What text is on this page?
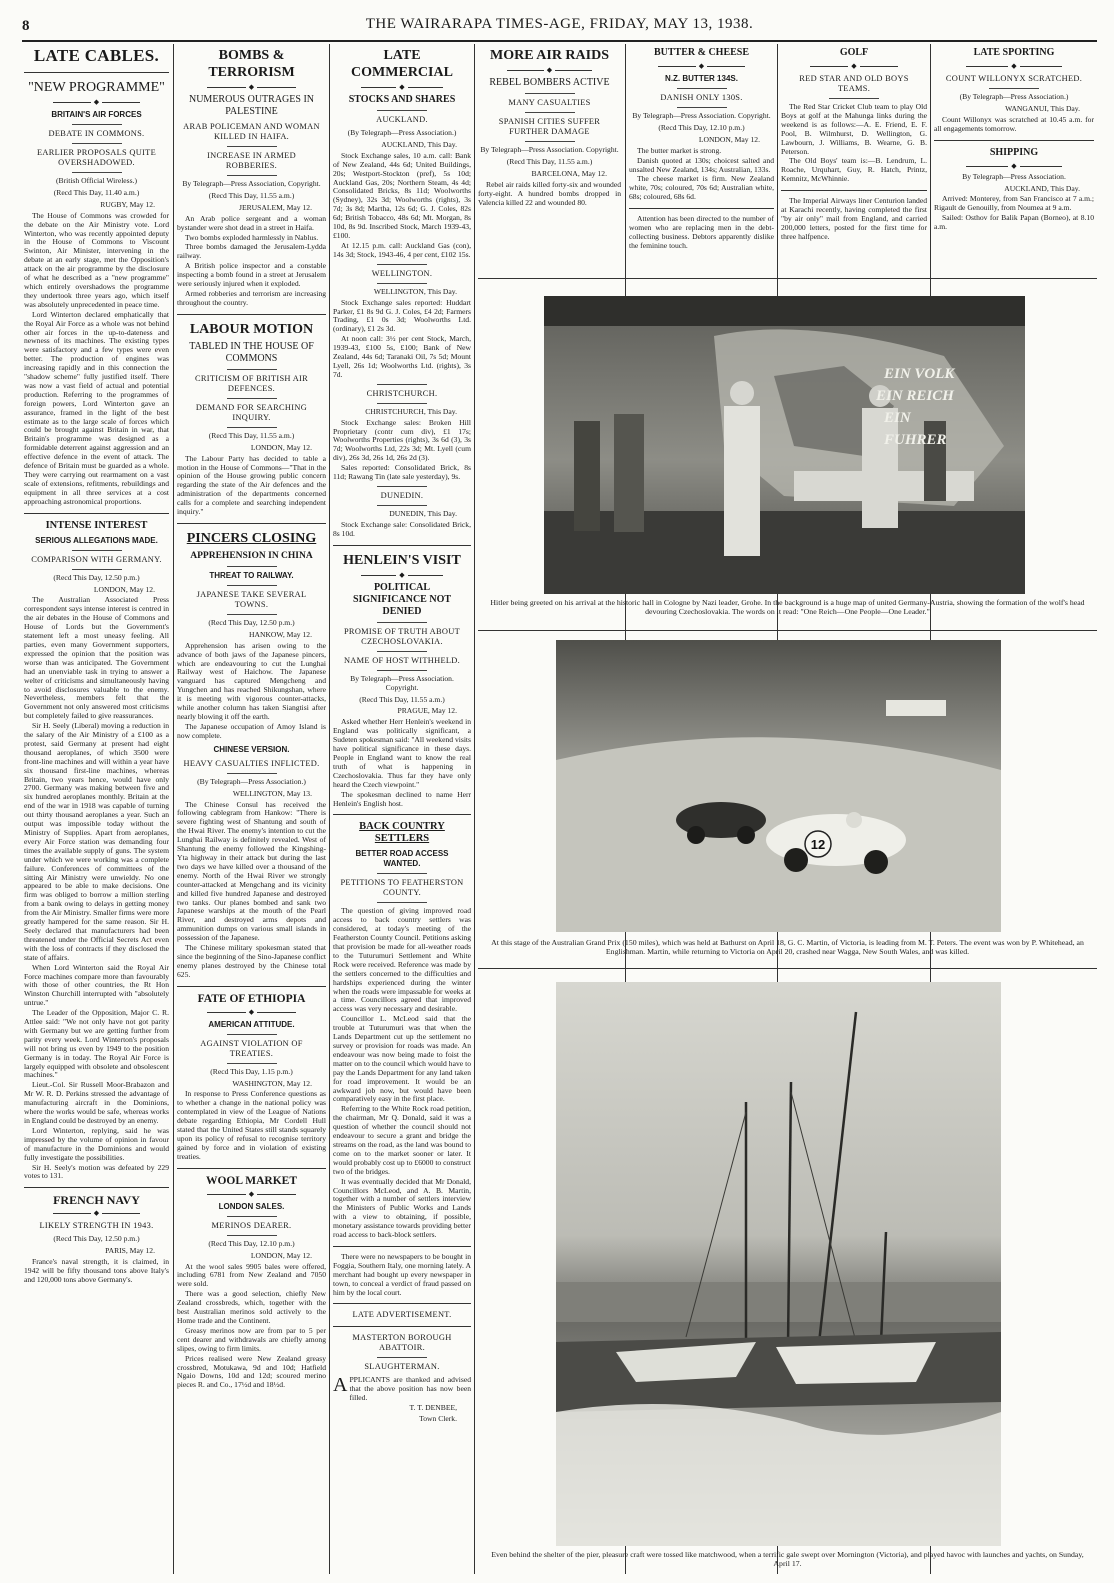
8	THE WAIRARAPA TIMES-AGE, FRIDAY, MAY 13, 1938.
LATE CABLES.
"NEW PROGRAMME"
◆
BRITAIN'S AIR FORCES
DEBATE IN COMMONS.
EARLIER PROPOSALS QUITE OVERSHADOWED.
(British Official Wireless.)
(Recd This Day, 11.40 a.m.)
RUGBY, May 12.

The House of Commons was crowded for the debate on the Air Ministry vote. Lord Winterton, who was recently appointed deputy in the House of Commons to Viscount Swinton, Air Minister, intervening in the debate at an early stage, met the Opposition's attack on the air programme by the disclosure of what he described as a "new programme" which entirely overshadows the programme they undertook three years ago, which itself was absolutely unprecedented in peace time.

Lord Winterton declared emphatically that the Royal Air Force as a whole was not behind other air forces in the up-to-dateness and newness of its machines. The existing types were satisfactory and a few types were even better. The production of engines was increasing rapidly and in this connection the "shadow scheme" fully justified itself. There was now a vast field of actual and potential production. Referring to the programmes of foreign powers, Lord Winterton gave an assurance, framed in the light of the best estimate as to the large scale of forces which could be brought against Britain in war, that Britain's programme was designed as a formidable deterrent against aggression and an effective defence in the event of attack. The defence of Britain must be guarded as a whole. They were carrying out rearmament on a vast scale of extensions, refitments, rebuildings and equipment in all three services at a cost approaching astronomical proportions.

INTENSE INTEREST
SERIOUS ALLEGATIONS MADE.
COMPARISON WITH GERMANY.
(Recd This Day, 12.50 p.m.)
LONDON, May 12.

The Australian Associated Press correspondent says intense interest is centred in the air debates in the House of Commons and House of Lords but the Government's statement left a most uneasy feeling. All parties, even many Government supporters, expressed the opinion that the position was worse than was anticipated. The Government had an unenviable task in trying to answer a welter of criticisms and simultaneously having to avoid disclosures valuable to the enemy. Nevertheless, members felt that the Government not only answered most criticisms but completely failed to give reassurances.

Sir H. Seely (Liberal) moving a reduction in the salary of the Air Ministry of a £100 as a protest, said Germany at present had eight thousand aeroplanes, of which 3500 were front-line machines and will within a year have six thousand first-line machines, whereas Britain, two years hence, would have only 2700. Germany was making between five and six hundred aeroplanes monthly. Britain at the end of the war in 1918 was capable of turning out thirty thousand aeroplanes a year. Such an output was impossible today without the Ministry of Supplies. Apart from aeroplanes, every Air Force station was demanding four times the available supply of guns. The system under which we were working was a complete failure. Conferences of committees of the sitting Air Ministry were unwieldy. No one appeared to be able to make decisions. One firm was obliged to borrow a million sterling from a bank owing to delays in getting money from the Air Ministry. Smaller firms were more greatly hampered for the same reason. Sir H. Seely declared that manufacturers had been threatened under the Official Secrets Act even with the loss of contracts if they disclosed the state of affairs.

When Lord Winterton said the Royal Air Force machines compare more than favourably with those of other countries, the Rt Hon Winston Churchill interrupted with "absolutely untrue."

The Leader of the Opposition, Major C. R. Attlee said: "We not only have not got parity with Germany but we are getting further from parity every week. Lord Winterton's proposals will not bring us even by 1949 to the position Germany is in today. The Royal Air Force is largely equipped with obsolete and obsolescent machines."

Lieut.-Col. Sir Russell Moor-Brabazon and Mr W. R. D. Perkins stressed the advantage of manufacturing aircraft in the Dominions, where the works would be safe, whereas works in England could be destroyed by an enemy.

Lord Winterton, replying, said he was impressed by the volume of opinion in favour of manufacture in the Dominions and would fully investigate the possibilities.

Sir H. Seely's motion was defeated by 229 votes to 131.

FRENCH NAVY
◆
LIKELY STRENGTH IN 1943.
(Recd This Day, 12.50 p.m.)
PARIS, May 12.

France's naval strength, it is claimed, in 1942 will be fifty thousand tons above Italy's and 120,000 tons above Germany's.

BOMBS & TERRORISM
◆
NUMEROUS OUTRAGES IN PALESTINE
ARAB POLICEMAN AND WOMAN KILLED IN HAIFA.
INCREASE IN ARMED ROBBERIES.
By Telegraph—Press Association, Copyright.
(Recd This Day, 11.55 a.m.)
JERUSALEM, May 12.

An Arab police sergeant and a woman bystander were shot dead in a street in Haifa.

Two bombs exploded harmlessly in Nablus.

Three bombs damaged the Jerusalem-Lydda railway.

A British police inspector and a constable inspecting a bomb found in a street at Jerusalem were seriously injured when it exploded.

Armed robberies and terrorism are increasing throughout the country.

LABOUR MOTION
TABLED IN THE HOUSE OF COMMONS
CRITICISM OF BRITISH AIR DEFENCES.
DEMAND FOR SEARCHING INQUIRY.
(Recd This Day, 11.55 a.m.)
LONDON, May 12.

The Labour Party has decided to table a motion in the House of Commons—"That in the opinion of the House growing public concern regarding the state of the Air defences and the administration of the departments concerned calls for a complete and searching independent inquiry."

PINCERS CLOSING
APPREHENSION IN CHINA
THREAT TO RAILWAY.
JAPANESE TAKE SEVERAL TOWNS.
(Recd This Day, 12.50 p.m.)
HANKOW, May 12.

Apprehension has arisen owing to the advance of both jaws of the Japanese pincers, which are endeavouring to cut the Lunghai Railway west of Haichow. The Japanese vanguard has captured Mengcheng and Yungchen and has reached Shikungshan, where it is meeting with vigorous counter-attacks, while another column has taken Siangtisi after nearly blowing it off the earth.

The Japanese occupation of Amoy Island is now complete.

CHINESE VERSION.
HEAVY CASUALTIES INFLICTED.
(By Telegraph—Press Association.)
WELLINGTON, May 13.

The Chinese Consul has received the following cablegram from Hankow: "There is severe fighting west of Shantung and south of the Hwai River. The enemy's intention to cut the Lunghai Railway is definitely revealed. West of Shantung the enemy followed the Kingshing-Yta highway in their attack but during the last two days we have killed over a thousand of the enemy. North of the Hwai River we strongly counter-attacked at Mengchang and its vicinity and killed five hundred Japanese and destroyed two tanks. Our planes bombed and sank two Japanese warships at the mouth of the Pearl River, and destroyed arms depots and ammunition dumps on various small islands in possession of the Japanese.

The Chinese military spokesman stated that since the beginning of the Sino-Japanese conflict enemy planes destroyed by the Chinese total 625.

FATE OF ETHIOPIA
◆
AMERICAN ATTITUDE.
AGAINST VIOLATION OF TREATIES.
(Recd This Day, 1.15 p.m.)
WASHINGTON, May 12.

In response to Press Conference questions as to whether a change in the national policy was contemplated in view of the League of Nations debate regarding Ethiopia, Mr Cordell Hull stated that the United States still stands squarely upon its policy of refusal to recognise territory gained by force and in violation of existing treaties.

WOOL MARKET
◆
LONDON SALES.
MERINOS DEARER.
(Recd This Day, 12.10 p.m.)
LONDON, May 12.

At the wool sales 9905 bales were offered, including 6781 from New Zealand and 7050 were sold.

There was a good selection, chiefly New Zealand crossbreds, which, together with the best Australian merinos sold actively to the Home trade and the Continent.

Greasy merinos now are from par to 5 per cent dearer and withdrawals are chiefly among slipes, owing to firm limits.

Prices realised were New Zealand greasy crossbred, Motukawa, 9d and 10d; Hatfield Ngaio Downs, 10d and 12d; scoured merino pieces R. and Co., 17½d and 18½d.

LATE COMMERCIAL
◆
STOCKS AND SHARES
AUCKLAND.
(By Telegraph—Press Association.)
AUCKLAND, This Day.

Stock Exchange sales, 10 a.m. call: Bank of New Zealand, 44s 6d; United Buildings, 20s; Westport-Stockton (pref), 5s 10d; Auckland Gas, 20s; Northern Steam, 4s 4d; Consolidated Bricks, 8s 11d; Woolworths (Sydney), 32s 3d; Woolworths (rights), 3s 7d; 3s 8d; Martha, 12s 6d; G. J. Coles, 82s 6d; British Tobacco, 48s 6d; Mt. Morgan, 8s 10d, 8s 9d. Inscribed Stock, March 1939-43, £100.

At 12.15 p.m. call: Auckland Gas (con), 14s 3d; Stock, 1943-46, 4 per cent, £102 15s.

WELLINGTON.
WELLINGTON, This Day.

Stock Exchange sales reported: Huddart Parker, £1 8s 9d G. J. Coles, £4 2d; Farmers Trading, £1 0s 3d; Woolworths Ltd. (ordinary), £1 2s 3d.

At noon call: 3½ per cent Stock, March, 1939-43, £100 5s, £100; Bank of New Zealand, 44s 6d; Taranaki Oil, 7s 5d; Mount Lyell, 26s 1d; Woolworths Ltd. (rights), 3s 7d.

CHRISTCHURCH.
CHRISTCHURCH, This Day.

Stock Exchange sales: Broken Hill Proprietary (contr cum div), £1 17s; Woolworths Properties (rights), 3s 6d (3), 3s 7d; Woolworths Ltd, 22s 3d; Mt. Lyell (cum div), 26s 3d, 26s 1d, 26s 2d (3).

Sales reported: Consolidated Brick, 8s 11d; Rawang Tin (late sale yesterday), 9s.

DUNEDIN.
DUNEDIN, This Day.

Stock Exchange sale: Consolidated Brick, 8s 10d.

HENLEIN'S VISIT
◆
POLITICAL SIGNIFICANCE NOT DENIED
PROMISE OF TRUTH ABOUT CZECHOSLOVAKIA.
NAME OF HOST WITHHELD.
By Telegraph—Press Association. Copyright.
(Recd This Day, 11.55 a.m.)
PRAGUE, May 12.

Asked whether Herr Henlein's weekend in England was politically significant, a Sudeten spokesman said: "All weekend visits have political significance in these days. People in England want to know the real truth of what is happening in Czechoslovakia. Thus far they have only heard the Czech viewpoint."

The spokesman declined to name Herr Henlein's English host.

BACK COUNTRY SETTLERS
BETTER ROAD ACCESS WANTED.
PETITIONS TO FEATHERSTON COUNTY.

The question of giving improved road access to back country settlers was considered, at today's meeting of the Featherston County Council. Petitions asking that provision be made for all-weather roads to the Tuturumuri Settlement and White Rock were received. Reference was made by the settlers concerned to the difficulties and hardships experienced during the winter when the roads were impassable for weeks at a time. Councillors agreed that improved access was very necessary and desirable.

Councillor L. McLeod said that the trouble at Tuturumuri was that when the Lands Department cut up the settlement no survey or provision for roads was made. An endeavour was now being made to foist the matter on to the council which would have to pay the Lands Department for any land taken for road improvement. It would be an awkward job now, but would have been comparatively easy in the first place.

Referring to the White Rock road petition, the chairman, Mr Q. Donald, said it was a question of whether the council should not endeavour to secure a grant and bridge the streams on the road, as the land was bound to come on to the market sooner or later. It would probably cost up to £6000 to construct two of the bridges.

It was eventually decided that Mr Donald, Councillors McLeod, and A. B. Martin, together with a number of settlers interview the Ministers of Public Works and Lands with a view to obtaining, if possible, monetary assistance towards providing better road access to back-block settlers.

There were no newspapers to be bought in Foggia, Southern Italy, one morning lately. A merchant had bought up every newspaper in town, to conceal a verdict of fraud passed on him by the local court.

LATE ADVERTISEMENT.
MASTERTON BOROUGH ABATTOIR.
SLAUGHTERMAN.

APPLICANTS are thanked and advised that the above position has now been filled.

T. T. DENBEE,
Town Clerk.
MORE AIR RAIDS
◆
REBEL BOMBERS ACTIVE
MANY CASUALTIES
SPANISH CITIES SUFFER FURTHER DAMAGE
By Telegraph—Press Association. Copyright.
(Recd This Day, 11.55 a.m.)
BARCELONA, May 12.

Rebel air raids killed forty-six and wounded forty-eight. A hundred bombs dropped in Valencia killed 22 and wounded 80.

BUTTER & CHEESE
◆
N.Z. BUTTER 134S.
DANISH ONLY 130S.
By Telegraph—Press Association. Copyright.
(Recd This Day, 12.10 p.m.)
LONDON, May 12.

The butter market is strong.

Danish quoted at 130s; choicest salted and unsalted New Zealand, 134s; Australian, 133s.

The cheese market is firm. New Zealand white, 70s; coloured, 70s 6d; Australian white, 68s; coloured, 68s 6d.

Attention has been directed to the number of women who are replacing men in the debt-collecting business. Debtors apparently dislike the feminine touch.

GOLF
◆
RED STAR AND OLD BOYS TEAMS.

The Red Star Cricket Club team to play Old Boys at golf at the Mahunga links during the weekend is as follows:—A. E. Friend, E. F. Pool, B. Wilmhurst, D. Wellington, G. Lawbourn, J. Williams, B. Wearne, G. B. Peterson.

The Old Boys' team is:—B. Lendrum, L. Roache, Urquhart, Guy, R. Hatch, Printz, Kemnitz, McWhinnie.

The Imperial Airways liner Centurion landed at Karachi recently, having completed the first "by air only" mail from England, and carried 200,000 letters, posted for the first time for three halfpence.

LATE SPORTING
◆
COUNT WILLONYX SCRATCHED.
(By Telegraph—Press Association.)
WANGANUI, This Day.

Count Willonyx was scratched at 10.45 a.m. for all engagements tomorrow.

SHIPPING
◆
By Telegraph—Press Association.
AUCKLAND, This Day.

Arrived: Monterey, from San Francisco at 7 a.m.; Rigault de Genouilly, from Noumea at 9 a.m.

Sailed: Osthov for Balik Papan (Borneo), at 8.10 a.m.

EIN VOLK
EIN REICH
EIN
FUHRER
Hitler being greeted on his arrival at the historic hall in Cologne by Nazi leader, Grohe. In the background is a huge map of united Germany-Austria, showing the formation of the wolf's head devouring Czechoslovakia. The words on it read: "One Reich—One People—One Leader."
12
At this stage of the Australian Grand Prix (150 miles), which was held at Bathurst on April 18, G. C. Martin, of Victoria, is leading from M. T. Peters. The event was won by P. Whitehead, an Englishman. Martin, while returning to Victoria on April 20, crashed near Wagga, New South Wales, and was killed.
Even behind the shelter of the pier, pleasure craft were tossed like matchwood, when a terrific gale swept over Mornington (Victoria), and played havoc with launches and yachts, on Sunday, April 17.
